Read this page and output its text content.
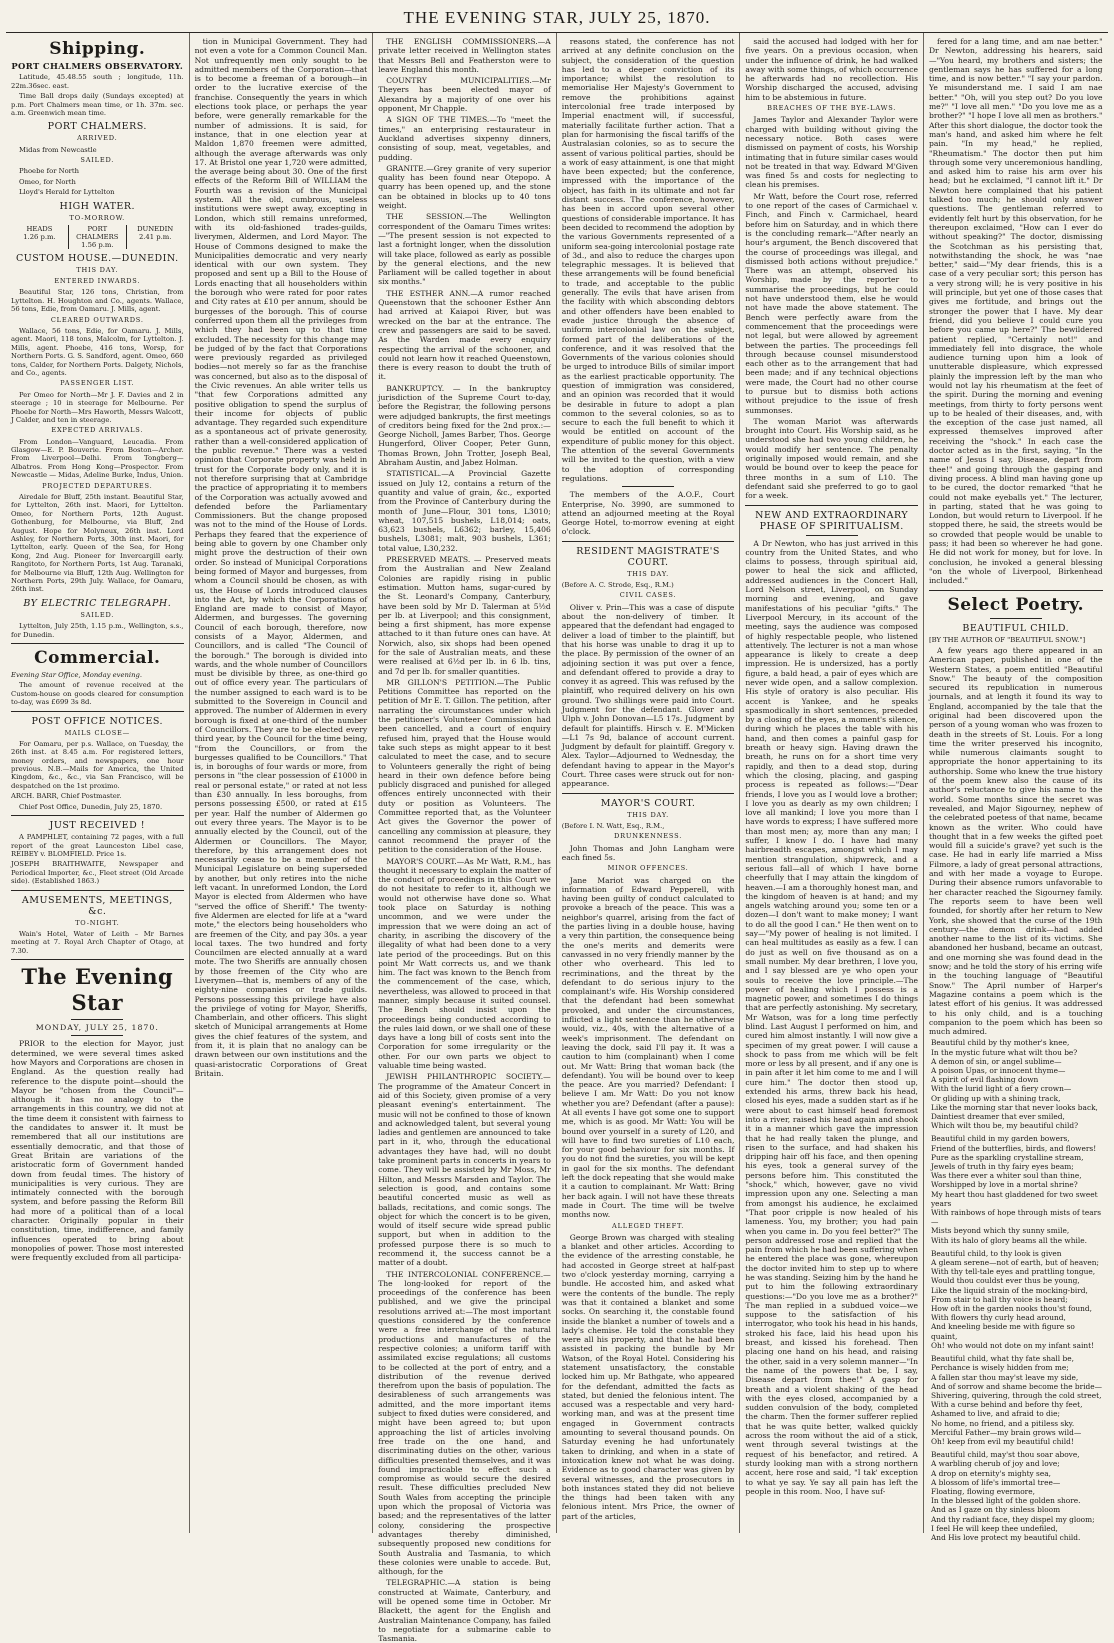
THE EVENING STAR, JULY 25, 1870.
Shipping.
PORT CHALMERS OBSERVATORY.

Latitude, 45.48.55 south ; longitude, 11h. 22m.36sec. east.

Time Ball drops daily (Sundays excepted) at p.m. Port Chalmers mean time, or 1h. 37m. sec. a.m. Greenwich mean time.

PORT CHALMERS.
ARRIVED.

Midas from Newcastle

SAILED.

Phoebe for North

Omeo, for North

Lloyd's Herald for Lyttelton

HIGH WATER.
TO-MORROW.
HEADS
1.26 p.m.
PORT CHALMERS
1.56 p.m.
DUNEDIN
2.41 p.m.
CUSTOM HOUSE.—DUNEDIN.
THIS DAY.
ENTERED INWARDS.

Beautiful Star, 126 tons, Christian, from Lyttelton. H. Houghton and Co., agents. Wallace, 56 tons, Edie, from Oamaru. J. Mills, agent.

CLEARED OUTWARDS.

Wallace, 56 tons, Edie, for Oamaru. J. Mills, agent. Maori, 118 tons, Malcolm, for Lyttelton. J. Mills, agent. Phoebe, 416 tons, Worsp, for Northern Ports. G. S. Sandford, agent. Omeo, 660 tons, Calder, for Northern Ports. Dalgety, Nichols, and Co., agents.

PASSENGER LIST.

Per Omeo for North—Mr J. F. Davies and 2 in steerage ; 10 in steerage for Melbourne. Per Phoebe for North—Mrs Haworth, Messrs Walcott, J Calder, and ten in steerage.

EXPECTED ARRIVALS.

From London—Vanguard, Leucadia. From Glasgow—E. P. Bouverie. From Boston—Archer. From Liverpool—Delhi. From Tongberg—Albatros. From Hong Kong—Prospector. From Newcastle — Midas, Adeline Burke, Indus, Union.

PROJECTED DEPARTURES.

Airedale for Bluff, 25th instant. Beautiful Star, for Lyttelton, 26th inst. Maori, for Lyttelton. Omeo, for Northern Ports, 12th August. Gothenburg, for Melbourne, via Bluff, 2nd August. Hope for Molyneux, 26th inst. Lord Ashley, for Northern Ports, 30th inst. Maori, for Lyttelton, early. Queen of the Sea, for Hong Kong, 2nd Aug. Pioneer for Invercargill early. Rangitoto, for Northern Ports, 1st Aug. Taranaki, for Melbourne via Bluff, 12th Aug. Wellington for Northern Ports, 29th July. Wallace, for Oamaru, 26th inst.

BY ELECTRIC TELEGRAPH.
SAILED.

Lyttelton, July 25th, 1.15 p.m., Wellington, s.s., for Dunedin.

Commercial.

Evening Star Office, Monday evening.

The amount of revenue received at the Custom-house on goods cleared for consumption to-day, was £699 3s 8d.

POST OFFICE NOTICES.
MAILS CLOSE—

For Oamaru, per p.s. Wallace, on Tuesday, the 26th inst. at 8.45 a.m. For registered letters, money orders, and newspapers, one hour previous. N.B.—Mails for America, the United Kingdom, &c., &c., via San Francisco, will be despatched on the 1st proximo.

ARCH. BARR, Chief Postmaster.

Chief Post Office, Dunedin, July 25, 1870.

JUST RECEIVED !

A PAMPHLET, containing 72 pages, with a full report of the great Launceston Libel case, REIBEY v. BLOMFIELD. Price 1s.

JOSEPH BRAITHWAITE, Newspaper and Periodical Importer, &c., Fleet street (Old Arcade side). (Established 1863.)

AMUSEMENTS, MEETINGS, &c.
TO-NIGHT.

Wain's Hotel, Water of Leith – Mr Barnes meeting at 7. Royal Arch Chapter of Otago, at 7.30.

The Evening Star
MONDAY, JULY 25, 1870.

PRIOR to the election for Mayor, just determined, we were several times asked how Mayors and Corporations are chosen in England. As the question really had reference to the dispute point—should the Mayor be "chosen from the Council"—although it has no analogy to the arrangements in this country, we did not at the time deem it consistent with fairness to the candidates to answer it. It must be remembered that all our institutions are essentially democratic, and that those of Great Britain are variations of the aristocratic form of Government handed down from feudal times. The history of municipalities is very curious. They are intimately connected with the borough system, and before passing the Reform Bill had more of a political than of a local character. Originally popular in their constitution, time, indifference, and family influences operated to bring about monopolies of power. Those most interested were frequently excluded from all participa-

tion in Municipal Government. They had not even a vote for a Common Council Man. Not unfrequently men only sought to be admitted members of the Corporation—that is to become a freeman of a borough—in order to the lucrative exercise of the franchise. Consequently the years in which elections took place, or perhaps the year before, were generally remarkable for the number of admissions. It is said, for instance, that in one election year at Maldon 1,870 freemen were admitted, although the average afterwards was only 17. At Bristol one year 1,720 were admitted, the average being about 30. One of the first effects of the Reform Bill of WILLIAM the Fourth was a revision of the Municipal system. All the old, cumbrous, useless institutions were swept away, excepting in London, which still remains unreformed, with its old-fashioned trades-guilds, liverymen, Aldermen, and Lord Mayor. The House of Commons designed to make the Municipalities democratic and very nearly identical with our own system. They proposed and sent up a Bill to the House of Lords enacting that all householders within the borough who were rated for poor rates and City rates at £10 per annum, should be burgesses of the borough. This of course conferred upon them all the privileges from which they had been up to that time excluded. The necessity for this change may be judged of by the fact that Corporations were previously regarded as privileged bodies—not merely so far as the franchise was concerned, but also as to the disposal of the Civic revenues. An able writer tells us "that few Corporations admitted any positive obligation to spend the surplus of their income for objects of public advantage. They regarded such expenditure as a spontaneous act of private generosity, rather than a well-considered application of the public revenue." There was a vested opinion that Corporate property was held in trust for the Corporate body only, and it is not therefore surprising that at Cambridge the practice of appropriating it to members of the Corporation was actually avowed and defended before the Parliamentary Commissioners. But the change proposed was not to the mind of the House of Lords. Perhaps they feared that the experience of being able to govern by one Chamber only might prove the destruction of their own order. So instead of Municipal Corporations being formed of Mayor and burgesses, from whom a Council should be chosen, as with us, the House of Lords introduced clauses into the Act, by which the Corporations of England are made to consist of Mayor, Aldermen, and burgesses. The governing Council of each borough, therefore, now consists of a Mayor, Aldermen, and Councillors, and is called "The Council of the borough." The borough is divided into wards, and the whole number of Councillors must be divisible by three, as one-third go out of office every year. The particulars of the number assigned to each ward is to be submitted to the Sovereign in Council and approved. The number of Aldermen in every borough is fixed at one-third of the number of Councillors. They are to be elected every third year, by the Council for the time being, "from the Councillors, or from the burgesses qualified to be Councillors." That is, in boroughs of four wards or more, from persons in "the clear possession of £1000 in real or personal estate," or rated at not less than £30 annually. In less boroughs, from persons possessing £500, or rated at £15 per year. Half the number of Aldermen go out every three years. The Mayor is to be annually elected by the Council, out of the Aldermen or Councillors. The Mayor, therefore, by this arrangement does not necessarily cease to be a member of the Municipal Legislature on being superseded by another, but only retires into the niche left vacant. In unreformed London, the Lord Mayor is elected from Aldermen who have "served the office of Sheriff." The twenty-five Aldermen are elected for life at a "ward mote," the electors being householders who are freemen of the City, and pay 30s. a year local taxes. The two hundred and forty Councilmen are elected annually at a ward mote. The two Sheriffs are annually chosen by those freemen of the City who are Liverymen—that is, members of any of the eighty-nine companies or trade guilds. Persons possessing this privilege have also the privilege of voting for Mayor, Sheriffs, Chamberlain, and other officers. This slight sketch of Municipal arrangements at Home gives the chief features of the system, and from it, it is plain that no analogy can be drawn between our own institutions and the quasi-aristocratic Corporations of Great Britain.

THE ENGLISH COMMISSIONERS.—A private letter received in Wellington states that Messrs Bell and Featherston were to leave England this month.

COUNTRY MUNICIPALITIES.—Mr Theyers has been elected mayor of Alexandra by a majority of one over his opponent, Mr Chapple.

A SIGN OF THE TIMES.—To "meet the times," an enterprising restaurateur in Auckland advertises sixpenny dinners, consisting of soup, meat, vegetables, and pudding.

GRANITE.—Grey granite of very superior quality has been found near Otepopo. A quarry has been opened up, and the stone can be obtained in blocks up to 40 tons weight.

THE SESSION.—The Wellington correspondent of the Oamaru Times writes:—"The present session is not expected to last a fortnight longer, when the dissolution will take place, followed as early as possible by the general elections, and the new Parliament will be called together in about six months."

THE ESTHER ANN.—A rumor reached Queenstown that the schooner Esther Ann had arrived at Kaiapoi River, but was wrecked on the bar at the entrance. The crew and passengers are said to be saved. As the Warden made every enquiry respecting the arrival of the schooner, and could not learn how it reached Queenstown, there is every reason to doubt the truth of it.

BANKRUPTCY. — In the bankruptcy jurisdiction of the Supreme Court to-day, before the Registrar, the following persons were adjudged bankrupts, the first meetings of creditors being fixed for the 2nd prox.:—George Nicholl, James Barber, Thos. George Hungerford, Oliver Cooper, Peter Gunn, Thomas Brown, John Trotter, Joseph Beal, Abraham Austin, and Jabez Holman.

STATISTICAL.—A Provincial Gazette issued on July 12, contains a return of the quantity and value of grain, &c., exported from the Province of Canterbury during the month of June—Flour, 301 tons, L3010; wheat, 107,515 bushels, L18,014; oats, 63,623 bushels, L6362; barley, 15,406 bushels, L3081; malt, 903 bushels, L361; total value, L30,232.

PRESERVED MEATS. — Preserved meats from the Australian and New Zealand Colonies are rapidly rising in public estimation. Mutton hams, sugar-cured by the St. Leonard's Company, Canterbury, have been sold by Mr D. Talerman at 5½d per lb. at Liverpool; and this consignment, being a first shipment, has more expense attached to it than future ones can have. At Norwich, also, six shops had been opened for the sale of Australian meats, and these were realised at 6½d per lb. in 6 lb. tins, and 7d per lb. for smaller quantities.

MR GILLON'S PETITION.—The Public Petitions Committee has reported on the petition of Mr E. T. Gillon. The petition, after narrating the circumstances under which the petitioner's Volunteer Commission had been cancelled, and a court of enquiry refused him, prayed that the House would take such steps as might appear to it best calculated to meet the case, and to secure to Volunteers generally the right of being heard in their own defence before being publicly disgraced and punished for alleged offences entirely unconnected with their duty or position as Volunteers. The Committee reported that, as the Volunteer Act gives the Governor the power of cancelling any commission at pleasure, they cannot recommend the prayer of the petition to the consideration of the House.

MAYOR'S COURT.—As Mr Watt, R.M., has thought it necessary to explain the matter of the conduct of proceedings in this Court we do not hesitate to refer to it, although we would not otherwise have done so. What took place on Saturday is nothing uncommon, and we were under the impression that we were doing an act of charity, in ascribing the discovery of the illegality of what had been done to a very late period of the proceedings. But on this point Mr Watt corrects us, and we thank him. The fact was known to the Bench from the commencement of the case, which, nevertheless, was allowed to proceed in that manner, simply because it suited counsel. The Bench should insist upon the proceedings being conducted according to the rules laid down, or we shall one of these days have a long bill of costs sent into the Corporation for some irregularity or the other. For our own parts we object to valuable time being wasted.

JEWISH PHILANTHROPIC SOCIETY.—The programme of the Amateur Concert in aid of this Society, given promise of a very pleasant evening's entertainment. The music will not be confined to those of known and acknowledged talent, but several young ladies and gentlemen are announced to take part in it, who, through the educational advantages they have had, will no doubt take prominent parts in concerts in years to come. They will be assisted by Mr Moss, Mr Hilton, and Messrs Marsden and Taylor. The selection is good, and contains some beautiful concerted music as well as ballads, recitations, and comic songs. The object for which the concert is to be given, would of itself secure wide spread public support, but when in addition to the professed purpose there is so much to recommend it, the success cannot be a matter of a doubt.

THE INTERCOLONIAL CONFERENCE.—The long-looked for report of the proceedings of the conference has been published, and we give the principal resolutions arrived at:—The most important questions considered by the conference were a free interchange of the natural productions and manufactures of the respective colonies; a uniform tariff with assimilated excise regulations; all customs to be collected at the port of entry, and a distribution of the revenue derived therefrom upon the basis of population. The desirableness of such arrangements was admitted, and the more important items subject to fixed duties were considered, and might have been agreed to; but upon approaching the list of articles involving free trade on the one hand, and discriminating duties on the other, various difficulties presented themselves, and it was found impracticable to effect such a compromise as would secure the desired result. These difficulties precluded New South Wales from accepting the principle upon which the proposal of Victoria was based; and the representatives of the latter colony, considering the prospective advantages thereby diminished, subsequently proposed new conditions for South Australia and Tasmania, to which these colonies were unable to accede. But, although, for the

TELEGRAPHIC.—A station is being constructed at Waimate, Canterbury, and will be opened some time in October. Mr Blackett, the agent for the English and Australian Maintenance Company, has failed to negotiate for a submarine cable to Tasmania.

reasons stated, the conference has not arrived at any definite conclusion on the subject, the consideration of the question has led to a deeper conviction of its importance; whilst the resolution to memorialise Her Majesty's Government to remove the prohibitions against intercolonial free trade interposed by Imperial enactment will, if successful, materially facilitate further action. That a plan for harmonising the fiscal tariffs of the Australasian colonies, so as to secure the assent of various political parties, should be a work of easy attainment, is one that might have been expected; but the conference, impressed with the importance of the object, has faith in its ultimate and not far distant success. The conference, however, has been in accord upon several other questions of considerable importance. It has been decided to recommend the adoption by the various Governments represented of a uniform sea-going intercolonial postage rate of 3d., and also to reduce the charges upon telegraphic messages. It is believed that these arrangements will be found beneficial to trade, and acceptable to the public generally. The evils that have arisen from the facility with which absconding debtors and other offenders have been enabled to evade justice through the absence of uniform intercolonial law on the subject, formed part of the deliberations of the conference, and it was resolved that the Governments of the various colonies should be urged to introduce Bills of similar import as the earliest practicable opportunity. The question of immigration was considered, and an opinion was recorded that it would be desirable in future to adopt a plan common to the several colonies, so as to secure to each the full benefit to which it would be entitled on account of the expenditure of public money for this object. The attention of the several Governments will be invited to the question, with a view to the adoption of corresponding regulations.

The members of the A.O.F., Court Enterprise, No. 3990, are summoned to attend an adjourned meeting at the Royal George Hotel, to-morrow evening at eight o'clock.

RESIDENT MAGISTRATE'S COURT.
THIS DAY.

(Before A. C. Strode, Esq., R.M.)

CIVIL CASES.

Oliver v. Prin—This was a case of dispute about the non-delivery of timber. It appeared that the defendant had engaged to deliver a load of timber to the plaintiff, but that his horse was unable to drag it up to the place. By permission of the owner of an adjoining section it was put over a fence, and defendant offered to provide a dray to convey it as agreed. This was refused by the plaintiff, who required delivery on his own ground. Two shillings were paid into Court. Judgment for the defendant. Glover and Ulph v. John Donovan—L5 17s. Judgment by default for plaintiffs. Hirsch v. E. M'Micken—L1 7s 9d, balance of account current. Judgment by default for plaintiff. Gregory v. Alex. Taylor—Adjourned to Wednesday, the defendant having to appear in the Mayor's Court. Three cases were struck out for non-appearance.

MAYOR'S COURT.
THIS DAY.

(Before I. N. Watt, Esq., R.M.,

DRUNKENNESS.

John Thomas and John Langham were each fined 5s.

MINOR OFFENCES.

Jane Mariot was charged on the information of Edward Pepperell, with having been guilty of conduct calculated to provoke a breach of the peace. This was a neighbor's quarrel, arising from the fact of the parties living in a double house, having a very thin partition, the consequence being the one's merits and demerits were canvassed in no very friendly manner by the other who overheard. This led to recriminations, and the threat by the defendant to do serious injury to the complainant's wife. His Worship considered that the defendant had been somewhat provoked, and under the circumstances, inflicted a light sentence than he otherwise would, viz., 40s, with the alternative of a week's imprisonment. The defendant on leaving the dock, said I'll pay it. It was a caution to him (complainant) when I come out. Mr Watt: Bring that woman back (the defendant). You will be bound over to keep the peace. Are you married? Defendant: I believe I am. Mr Watt: Do you not know whether you are? Defendant (after a pause): At all events I have got some one to support me, which is as good. Mr Watt: You will be bound over yourself in a surety of L20, and will have to find two sureties of L10 each, for your good behaviour for six months. If you do not find the sureties, you will be kept in gaol for the six months. The defendant left the dock repeating that she would make it a caution to complainant. Mr Watt: Bring her back again. I will not have these threats made in Court. The time will be twelve months now.

ALLEGED THEFT.

George Brown was charged with stealing a blanket and other articles. According to the evidence of the arresting constable, he had accosted in George street at half-past two o'clock yesterday morning, carrying a bundle. He accosted him, and asked what were the contents of the bundle. The reply was that it contained a blanket and some socks. On searching it, the constable found inside the blanket a number of towels and a lady's chemise. He told the constable they were all his property, and that he had been assisted in packing the bundle by Mr Watson, of the Royal Hotel. Considering his statement unsatisfactory, the constable locked him up. Mr Bathgate, who appeared for the defendant, admitted the facts as stated, but denied the felonious intent. The accused was a respectable and very hard-working man, and was at the present time engaged in Government contracts amounting to several thousand pounds. On Saturday evening he had unfortunately taken to drinking, and when in a state of intoxication knew not what he was doing. Evidence as to good character was given by several witnesses, and the prosecutors in both instances stated they did not believe the things had been taken with any felonious intent. Mrs Price, the owner of part of the articles,

said the accused had lodged with her for five years. On a previous occasion, when under the influence of drink, he had walked away with some things, of which occurrence he afterwards had no recollection. His Worship discharged the accused, advising him to be abstemious in future.

BREACHES OF THE BYE-LAWS.

James Taylor and Alexander Taylor were charged with building without giving the necessary notice. Both cases were dismissed on payment of costs, his Worship intimating that in future similar cases would not be treated in that way. Edward M'Given was fined 5s and costs for neglecting to clean his premises.

Mr Watt, before the Court rose, referred to one report of the cases of Carmichael v. Finch, and Finch v. Carmichael, heard before him on Saturday, and in which there is the concluding remark—"After nearly an hour's argument, the Bench discovered that the course of proceedings was illegal, and dismissed both actions without prejudice." There was an attempt, observed his Worship, made by the reporter to summarise the proceedings, but he could not have understood them, else he would not have made the above statement. The Bench were perfectly aware from the commencement that the proceedings were not legal, but were allowed by agreement between the parties. The proceedings fell through because counsel misunderstood each other as to the arrangement that had been made; and if any technical objections were made, the Court had no other course to pursue but to dismiss both actions without prejudice to the issue of fresh summonses.

The woman Mariot was afterwards brought into Court. His Worship said, as he understood she had two young children, he would modify her sentence. The penalty originally imposed would remain, and she would be bound over to keep the peace for three months in a sum of L10. The defendant said she preferred to go to gaol for a week.

NEW AND EXTRAORDINARY PHASE OF SPIRITUALISM.

A Dr Newton, who has just arrived in this country from the United States, and who claims to possess, through spiritual aid, power to heal the sick and afflicted, addressed audiences in the Concert Hall, Lord Nelson street, Liverpool, on Sunday morning and evening, and gave manifestations of his peculiar "gifts." The Liverpool Mercury, in its account of the meeting, says the audience was composed of highly respectable people, who listened attentively. The lecturer is not a man whose appearance is likely to create a deep impression. He is undersized, has a portly figure, a bald head, a pair of eyes which are never wide open, and a sallow complexion. His style of oratory is also peculiar. His accent is Yankee, and he speaks spasmodically in short sentences, preceded by a closing of the eyes, a moment's silence, during which he places the table with his hand, and then comes a painful gasp for breath or heavy sign. Having drawn the breath, he runs on for a short time very rapidly, and then to a dead stop, during which the closing, placing, and gasping process is repeated as follows:—"Dear friends, I love you as I would love a brother; I love you as dearly as my own children; I love all mankind; I love you more than I have words to express; I have suffered more than most men; ay, more than any man; I suffer, I know I do. I have had many hairbreadth escapes, amongst which I may mention strangulation, shipwreck, and a serious fall—all of which I have borne cheerfully that I may attain the kingdom of heaven.—I am a thoroughly honest man, and the kingdom of heaven is at hand; and my angels watching around you; some ten or a dozen—I don't want to make money; I want to do all the good I can." He then went on to say—"My power of healing is not limited. I can heal multitudes as easily as a few. I can do just as well on five thousand as on a small number. My dear brethren, I love you, and I say blessed are ye who open your souls to receive the love principle.—The power of healing which I possess is a magnetic power, and sometimes I do things that are perfectly astonishing. My secretary, Mr Watson, was for a long time perfectly blind. Last August I performed on him, and cured him almost instantly. I will now give a specimen of my great power. I will cause a shock to pass from me which will be felt more or less by all present, and if any one is in pain after it let him come to me and I will cure him." The doctor then stood up, extended his arms, threw back his head, closed his eyes, made a sudden start as if he were about to cast himself head foremost into a river, raised his head again and shook it in a manner which gave the impression that he had really taken the plunge, and risen to the surface, and had shaken his dripping hair off his face, and then opening his eyes, took a general survey of the persons before him. This constituted the "shock," which, however, gave no vivid impression upon any one. Selecting a man from amongst his audience, he exclaimed "That poor cripple is now healed of his lameness. You, my brother; you had pain when you came in. Do you feel better?" The person addressed rose and replied that the pain from which he had been suffering when he entered the place was gone, whereupon the doctor invited him to step up to where he was standing. Seizing him by the hand he put to him the following extraordinary questions:—"Do you love me as a brother?" The man replied in a subdued voice—we suppose to the satisfaction of his interrogator, who took his head in his hands, stroked his face, laid his head upon his breast, and kissed his forehead. Then placing one hand on his head, and raising the other, said in a very solemn manner—"In the name of the powers that be, I say, Disease depart from thee!" A gasp for breath and a violent shaking of the head with the eyes closed, accompanied by a sudden convulsion of the body, completed the charm. Then the former sufferer replied that he was quite better, walked quickly across the room without the aid of a stick, went through several twistings at the request of his benefactor, and retired. A sturdy looking man with a strong northern accent, here rose and said, "I tak' exception to what ye say. Ye say all pain has left the people in this room. Noo, I have suf-

fered for a lang time, and am nae better." Dr Newton, addressing his hearers, said—"You heard, my brothers and sisters; the gentleman says he has suffered for a long time, and is now better." "I say your pardon. Ye misunderstand me. I said I am nae better." "Oh, will you step out? Do you love me?" "I love all men." "Do you love me as a brother?" "I hope I love all men as brothers." After this short dialogue, the doctor took the man's hand, and asked him where he felt pain. "In my head," he replied, "Rheumatism." The doctor then put him through some very unceremonious handling, and asked him to raise his arm over his head; but he exclaimed, "I cannot lift it." Dr Newton here complained that his patient talked too much; he should only answer questions. The gentleman referred to evidently felt hurt by this observation, for he thereupon exclaimed, "How can I ever do without speaking?" The doctor, dismissing the Scotchman as his persisting that, notwithstanding the shock, he was "nae better," said—"My dear friends, this is a case of a very peculiar sort; this person has a very strong will; he is very positive in his will principle, but yet one of those cases that gives me fortitude, and brings out the stronger the power that I have. My dear friend, did you believe I could cure you before you came up here?" The bewildered patient replied, "Certainly not!" and immediately fell into disgrace, the whole audience turning upon him a look of unutterable displeasure, which expressed plainly the impression left by the man who would not lay his rheumatism at the feet of the spirit. During the morning and evening meetings, from thirty to forty persons went up to be healed of their diseases, and, with the exception of the case just named, all expressed themselves improved after receiving the "shock." In each case the doctor acted as in the first, saying, "In the name of Jesus I say, Disease, depart from thee!" and going through the gasping and diving process. A blind man having gone up to be cured, the doctor remarked "that he could not make eyeballs yet." The lecturer, in parting, stated that he was going to London, but would return to Liverpool. If he stopped there, he said, the streets would be so crowded that people would be unable to pass; it had been so wherever he had gone. He did not work for money, but for love. In conclusion, he invoked a general blessing "on the whole of Liverpool, Birkenhead included."

Select Poetry.
BEAUTIFUL CHILD.

[BY THE AUTHOR OF "BEAUTIFUL SNOW."]

A few years ago there appeared in an American paper, published in one of the Western States, a poem entitled "Beautiful Snow." The beauty of the composition secured its republication in numerous journals, and at length it found its way to England, accompanied by the tale that the original had been discovered upon the person of a young woman who was frozen to death in the streets of St. Louis. For a long time the writer preserved his incognito, while numerous claimants sought to appropriate the honor appertaining to its authorship. Some who knew the true history of the poem knew also the cause of its author's reluctance to give his name to the world. Some months since the secret was revealed, and Major Sigourney, nephew of the celebrated poetess of that name, became known as the writer. Who could have thought that in a few weeks the gifted poet would fill a suicide's grave? yet such is the case. He had in early life married a Miss Filmore, a lady of great personal attractions, and with her made a voyage to Europe. During their absence rumors unfavorable to her character reached the Sigourney family. The reports seem to have been well founded, for shortly after her return to New York, she showed that the curse of the 19th century—the demon drink—had added another name to the list of its victims. She abandoned her husband, became an outcast, and one morning she was found dead in the snow; and he told the story of his erring wife in the touching language of "Beautiful Snow." The April number of Harper's Magazine contains a poem which is the latest effort of his genius. It was addressed to his only child, and is a touching companion to the poem which has been so much admired.

Beautiful child by thy mother's knee,
In the mystic future what wilt thou be?
A demon of sin, or angel sublime—
A poison Upas, or innocent thyme—
A spirit of evil flashing down
With the lurid light of a fiery crown—
Or gliding up with a shining track,
Like the morning star that never looks back,
Daintiest dreamer that ever smiled,
Which wilt thou be, my beautiful child?
Beautiful child in my garden bowers,
Friend of the butterflies, birds, and flowers!
Pure as the sparkling crystalline stream,
Jewels of truth in thy fairy eyes beam;
Was there ever a whiter soul than thine,
Worshipped by love in a mortal shrine?
My heart thou hast gladdened for two sweet years
With rainbows of hope through mists of tears—
Mists beyond which thy sunny smile,
With its halo of glory beams all the while.
Beautiful child, to thy look is given
A gleam serene—not of earth, but of heaven;
With thy tell-tale eyes and prattling tongue,
Would thou couldst ever thus be young,
Like the liquid strain of the mocking-bird,
From stair to hall thy voice is heard;
How oft in the garden nooks thou'st found,
With flowers thy curly head around,
And kneeling beside me with figure so quaint,
Oh! who would not dote on my infant saint!
Beautiful child, what thy fate shall be,
Perchance is wisely hidden from me;
A fallen star thou may'st leave my side,
And of sorrow and shame become the bride—
Shivering, quivering, through the cold street,
With a curse behind and before thy feet,
Ashamed to live, and afraid to die;
No home, no friend, and a pitiless sky.
Merciful Father—my brain grows wild—
Oh! keep from evil my beautiful child!
Beautiful child, may'st thou soar above,
A warbling cherub of joy and love;
A drop on eternity's mighty sea,
A blossom of life's immortal tree—
Floating, flowing evermore,
In the blessed light of the golden shore.
And as I gaze on thy sinless bloom
And thy radiant face, they dispel my gloom;
I feel He will keep thee undefiled,
And His love protect my beautiful child.
